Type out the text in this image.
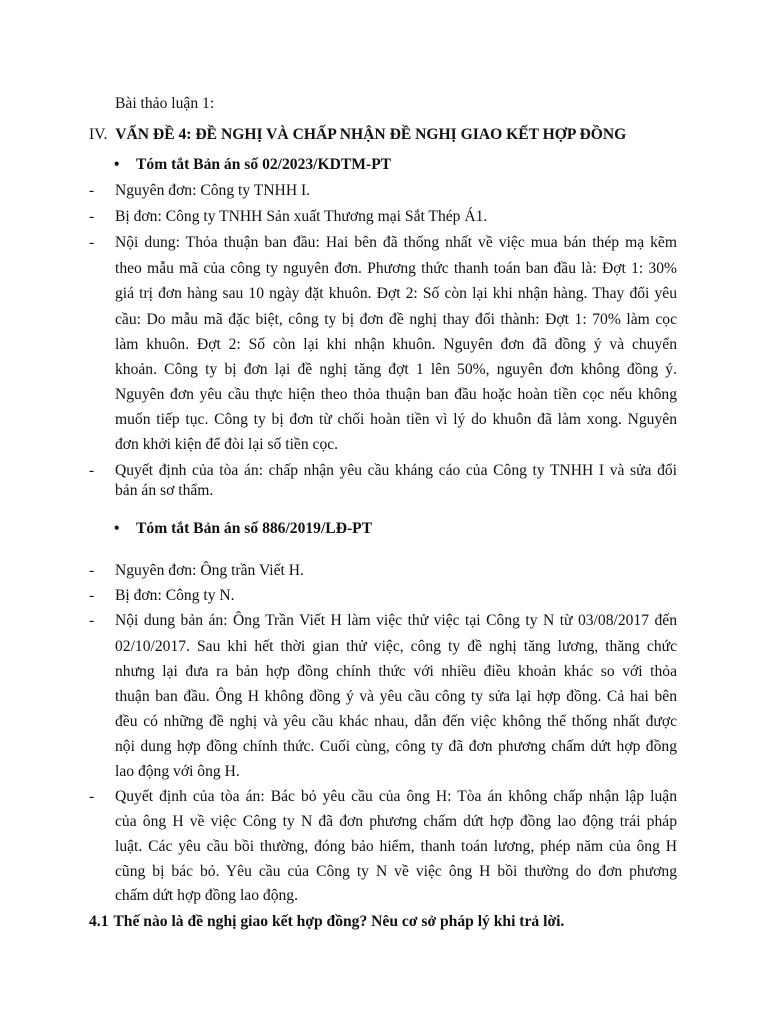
Bài thảo luận 1:
IV. VẤN ĐỀ 4: ĐỀ NGHỊ VÀ CHẤP NHẬN ĐỀ NGHỊ GIAO KẾT HỢP ĐỒNG
• Tóm tắt Bản án số 02/2023/KDTM-PT
- Nguyên đơn: Công ty TNHH I.
- Bị đơn: Công ty TNHH Sản xuất Thương mại Sắt Thép Á1.
- Nội dung: Thỏa thuận ban đầu: Hai bên đã thống nhất về việc mua bán thép mạ kẽm
theo mẫu mã của công ty nguyên đơn. Phương thức thanh toán ban đầu là: Đợt 1: 30%
giá trị đơn hàng sau 10 ngày đặt khuôn. Đợt 2: Số còn lại khi nhận hàng. Thay đổi yêu
cầu: Do mẫu mã đặc biệt, công ty bị đơn đề nghị thay đổi thành: Đợt 1: 70% làm cọc
làm khuôn. Đợt 2: Số còn lại khi nhận khuôn. Nguyên đơn đã đồng ý và chuyển
khoản. Công ty bị đơn lại đề nghị tăng đợt 1 lên 50%, nguyên đơn không đồng ý.
Nguyên đơn yêu cầu thực hiện theo thỏa thuận ban đầu hoặc hoàn tiền cọc nếu không
muốn tiếp tục. Công ty bị đơn từ chối hoàn tiền vì lý do khuôn đã làm xong. Nguyên
đơn khởi kiện để đòi lại số tiền cọc.
- Quyết định của tòa án: chấp nhận yêu cầu kháng cáo của Công ty TNHH I và sửa đổi
bản án sơ thẩm.
• Tóm tắt Bản án số 886/2019/LĐ-PT
- Nguyên đơn: Ông trần Viết H.
- Bị đơn: Công ty N.
- Nội dung bản án: Ông Trần Viết H làm việc thử việc tại Công ty N từ 03/08/2017 đến
02/10/2017. Sau khi hết thời gian thử việc, công ty đề nghị tăng lương, thăng chức
nhưng lại đưa ra bản hợp đồng chính thức với nhiều điều khoản khác so với thỏa
thuận ban đầu. Ông H không đồng ý và yêu cầu công ty sửa lại hợp đồng. Cả hai bên
đều có những đề nghị và yêu cầu khác nhau, dẫn đến việc không thể thống nhất được
nội dung hợp đồng chính thức. Cuối cùng, công ty đã đơn phương chấm dứt hợp đồng
lao động với ông H.
- Quyết định của tòa án: Bác bỏ yêu cầu của ông H: Tòa án không chấp nhận lập luận
của ông H về việc Công ty N đã đơn phương chấm dứt hợp đồng lao động trái pháp
luật. Các yêu cầu bồi thường, đóng bảo hiểm, thanh toán lương, phép năm của ông H
cũng bị bác bỏ. Yêu cầu của Công ty N về việc ông H bồi thường do đơn phương
chấm dứt hợp đồng lao động.
4.1 Thế nào là đề nghị giao kết hợp đồng? Nêu cơ sở pháp lý khi trả lời.
